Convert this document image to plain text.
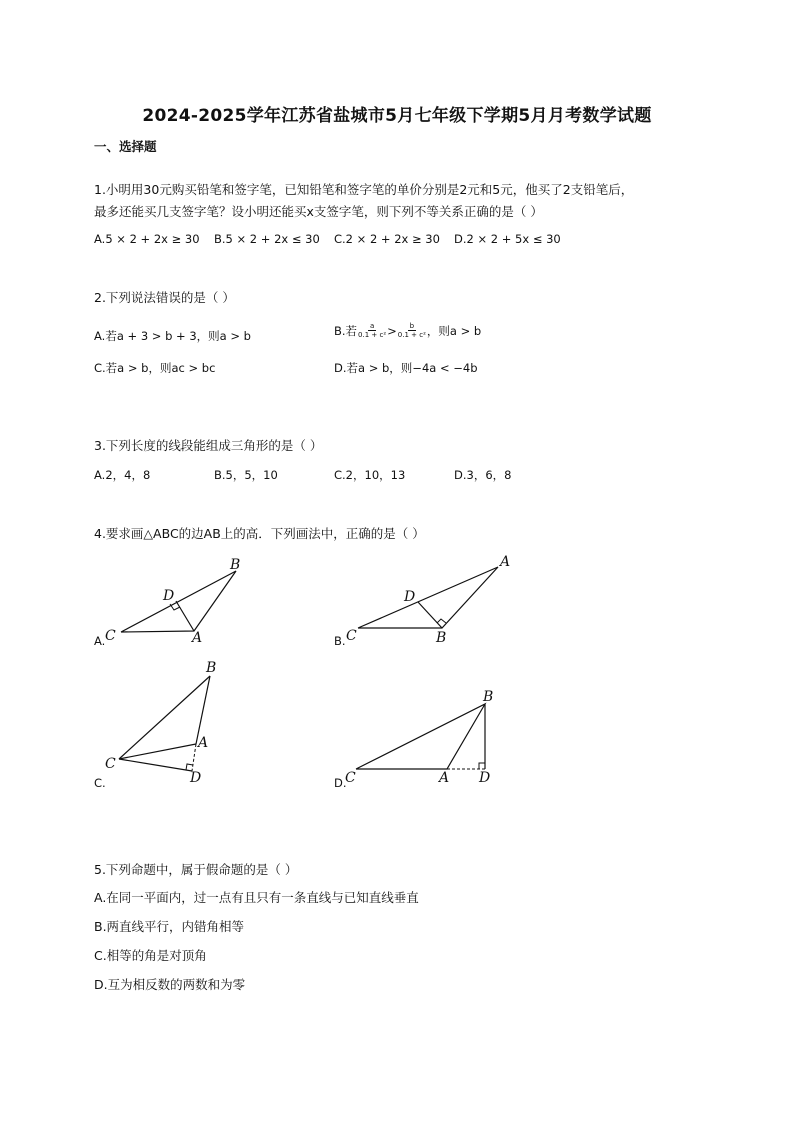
2024-2025学年江苏省盐城市5月七年级下学期5月月考数学试题
一、选择题
1.小明用30元购买铅笔和签字笔，已知铅笔和签字笔的单价分别是2元和5元，他买了2支铅笔后，
最多还能买几支签字笔？设小明还能买x支签字笔，则下列不等关系正确的是（ ）
A.5 × 2 + 2x ≥ 30 B.5 × 2 + 2x ≤ 30 C.2 × 2 + 2x ≥ 30 D.2 × 2 + 5x ≤ 30
2.下列说法错误的是（ ）
A.若a + 3 > b + 3，则a > b	B.若 $\frac{a}{\text{0.1 + c²}} > \frac{b}{\text{0.1 + c²}}$ ，则a > b
C.若a > b，则ac > bc	D.若a > b，则−4a < −4b
3.下列长度的线段能组成三角形的是（ ）
A.2，4，8	B.5，5，10	C.2，10，13	D.3，6，8
4.要求画△ABC的边AB上的高．下列画法中，正确的是（ ）
A. C
B
D
A	B. C
A
D
B
C.
C
B
A
D	D.
C
B
A D
5.下列命题中，属于假命题的是（ ）
A.在同一平面内，过一点有且只有一条直线与已知直线垂直
B.两直线平行，内错角相等
C.相等的角是对顶角
D.互为相反数的两数和为零
